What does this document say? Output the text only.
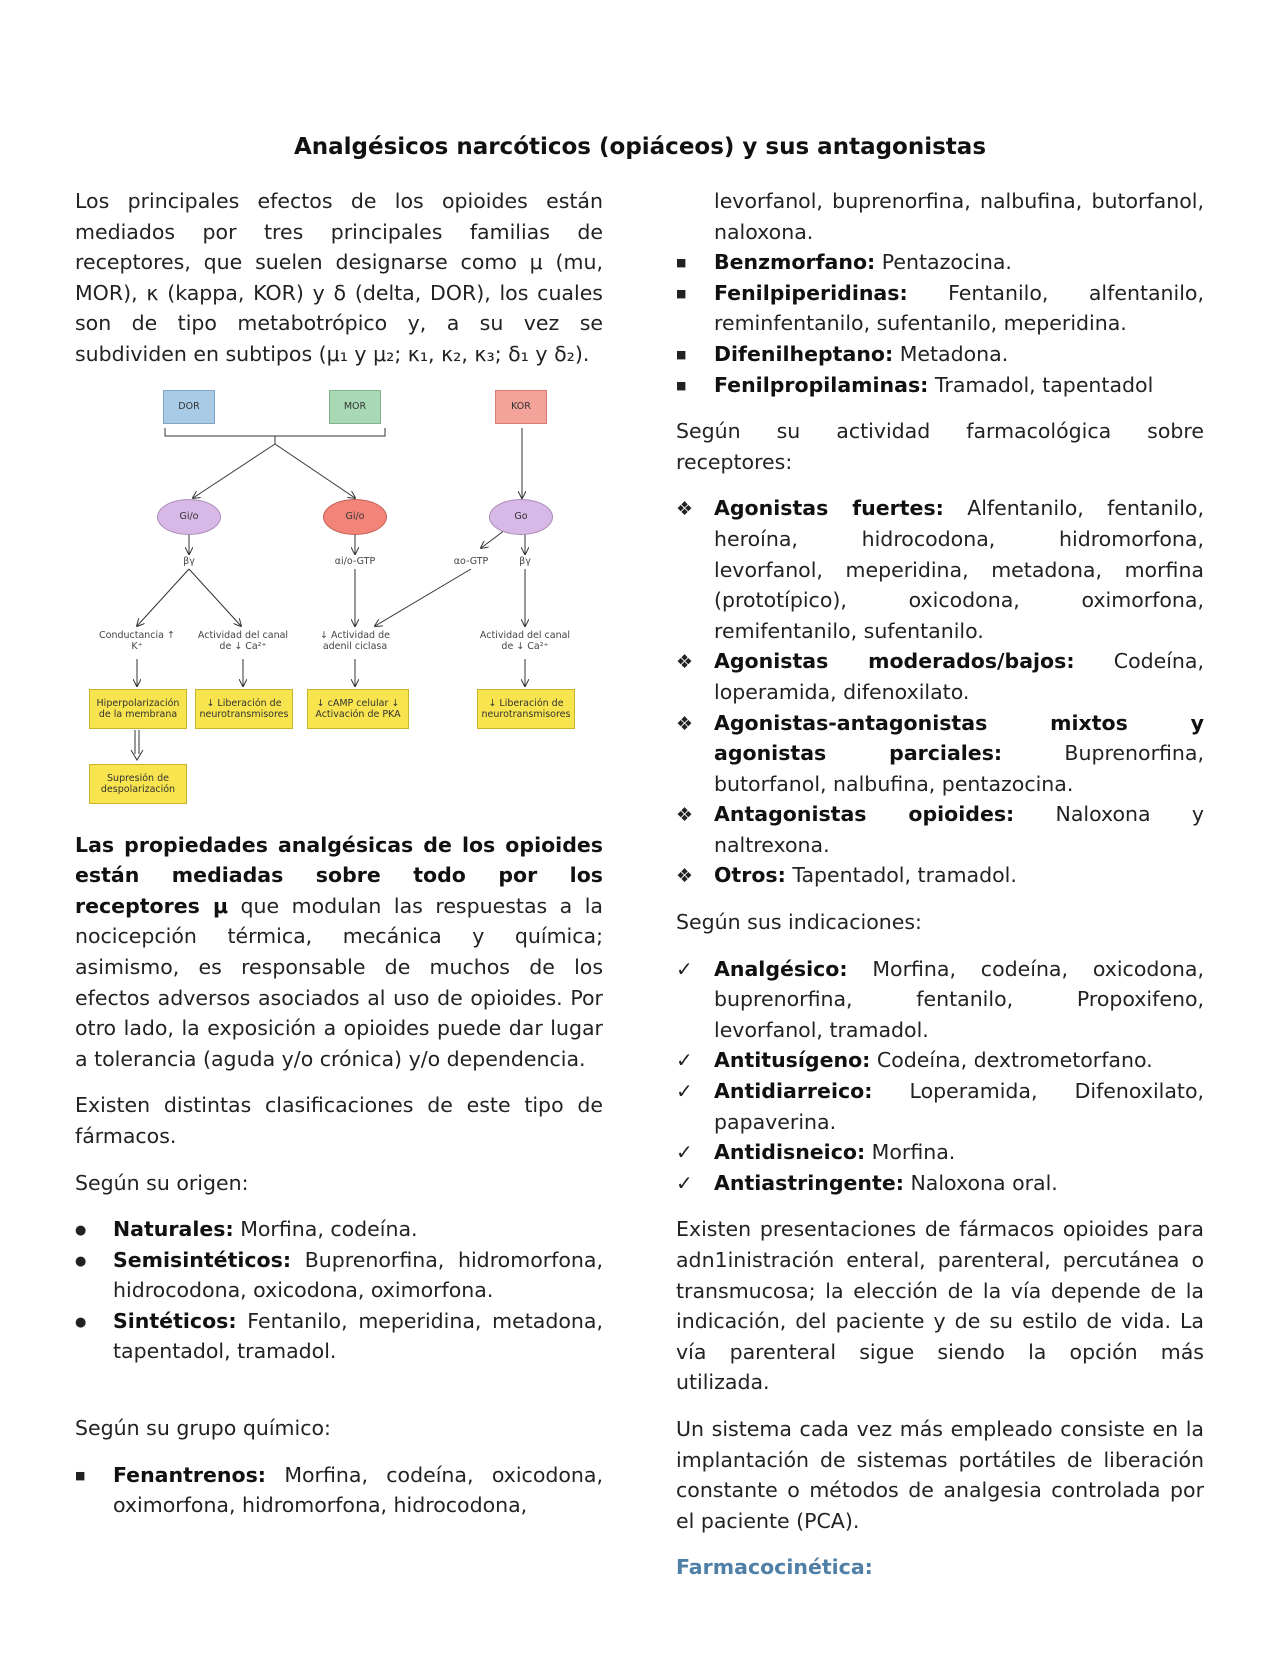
Analgésicos narcóticos (opiáceos) y sus antagonistas

Los principales efectos de los opioides están mediados por tres principales familias de receptores, que suelen designarse como μ (mu, MOR), κ (kappa, KOR) y δ (delta, DOR), los cuales son de tipo metabotrópico y, a su vez se subdividen en subtipos (μ₁ y μ₂; κ₁, κ₂, κ₃; δ₁ y δ₂).

DOR	MOR	KOR
Gi/o	Gi/o	Go
βγ	αi/o-GTP	αo-GTP	βγ
Conductancia ↑ K⁺
Actividad del canal de ↓ Ca²⁺
↓ Actividad de adenil ciclasa
Actividad del canal de ↓ Ca²⁺
Hiperpolarización de la membrana
↓ Liberación de neurotransmisores
↓ cAMP celular ↓ Activación de PKA
↓ Liberación de neurotransmisores
Supresión de despolarización

Las propiedades analgésicas de los opioides están mediadas sobre todo por los receptores μ que modulan las respuestas a la nocicepción térmica, mecánica y química; asimismo, es responsable de muchos de los efectos adversos asociados al uso de opioides. Por otro lado, la exposición a opioides puede dar lugar a tolerancia (aguda y/o crónica) y/o dependencia.

Existen distintas clasificaciones de este tipo de fármacos.

Según su origen:

●
Naturales: Morfina, codeína.
●
Semisintéticos: Buprenorfina, hidromorfona, hidrocodona, oxicodona, oximorfona.
●
Sintéticos: Fentanilo, meperidina, metadona, tapentadol, tramadol.

Según su grupo químico:

■
Fenantrenos: Morfina, codeína, oxicodona, oximorfona, hidromorfona, hidrocodona,
levorfanol, buprenorfina, nalbufina, butorfanol, naloxona.
■
Benzmorfano: Pentazocina.
■
Fenilpiperidinas: Fentanilo, alfentanilo, reminfentanilo, sufentanilo, meperidina.
■
Difenilheptano: Metadona.
■
Fenilpropilaminas: Tramadol, tapentadol

Según su actividad farmacológica sobre receptores:

❖
Agonistas fuertes: Alfentanilo, fentanilo, heroína, hidrocodona, hidromorfona, levorfanol, meperidina, metadona, morfina (prototípico), oxicodona, oximorfona, remifentanilo, sufentanilo.
❖
Agonistas moderados/bajos: Codeína, loperamida, difenoxilato.
❖
Agonistas-antagonistas mixtos y agonistas parciales: Buprenorfina, butorfanol, nalbufina, pentazocina.
❖
Antagonistas opioides: Naloxona y naltrexona.
❖
Otros: Tapentadol, tramadol.

Según sus indicaciones:

✓
Analgésico: Morfina, codeína, oxicodona, buprenorfina, fentanilo, Propoxifeno, levorfanol, tramadol.
✓
Antitusígeno: Codeína, dextrometorfano.
✓
Antidiarreico: Loperamida, Difenoxilato, papaverina.
✓
Antidisneico: Morfina.
✓
Antiastringente: Naloxona oral.

Existen presentaciones de fármacos opioides para adn1inistración enteral, parenteral, percutánea o transmucosa; la elección de la vía depende de la indicación, del paciente y de su estilo de vida. La vía parenteral sigue siendo la opción más utilizada.

Un sistema cada vez más empleado consiste en la implantación de sistemas portátiles de liberación constante o métodos de analgesia controlada por el paciente (PCA).

Farmacocinética:
